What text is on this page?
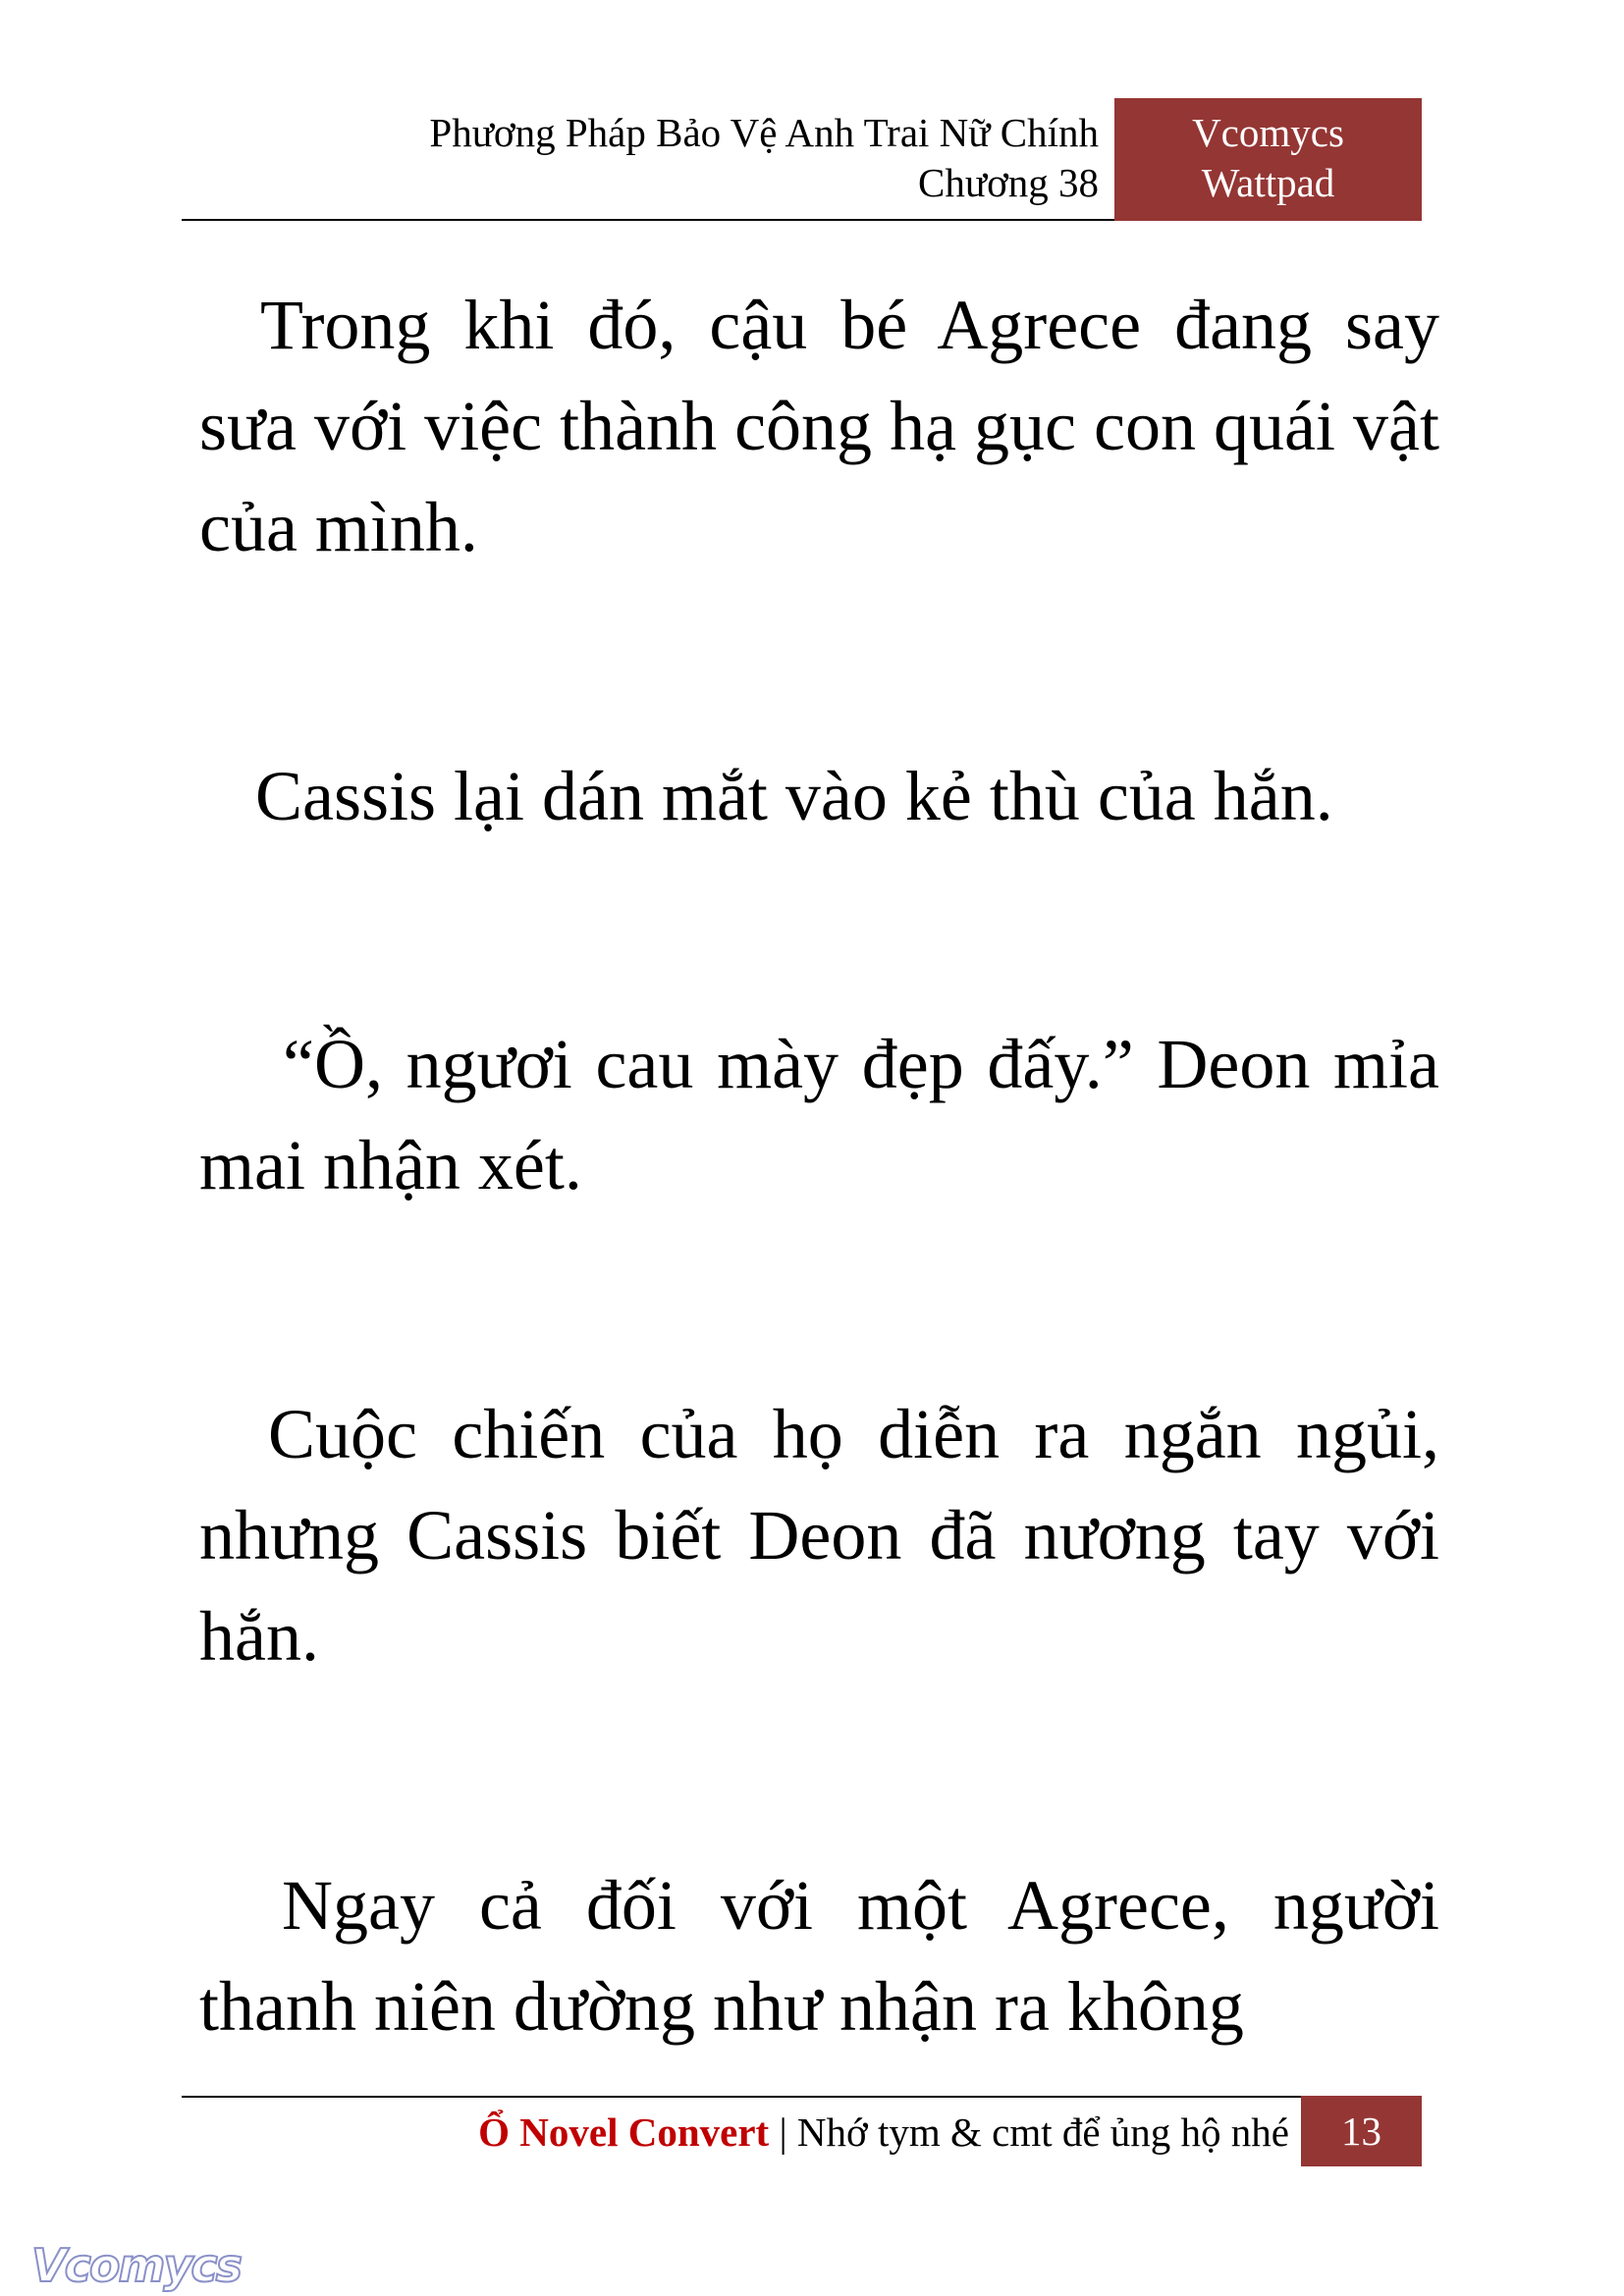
Phương Pháp Bảo Vệ Anh Trai Nữ Chính
Chương 38
Vcomycs
Wattpad

Trong khi đó, cậu bé Agrece đang say sưa với việc thành công hạ gục con quái vật của mình.

Cassis lại dán mắt vào kẻ thù của hắn.

“Ồ, ngươi cau mày đẹp đấy.” Deon mỉa mai nhận xét.

Cuộc chiến của họ diễn ra ngắn ngủi, nhưng Cassis biết Deon đã nương tay với hắn.

Ngay cả đối với một Agrece, người thanh niên dường như nhận ra không

Ổ Novel Convert | Nhớ tym & cmt để ủng hộ nhé	13
Vcomycs
